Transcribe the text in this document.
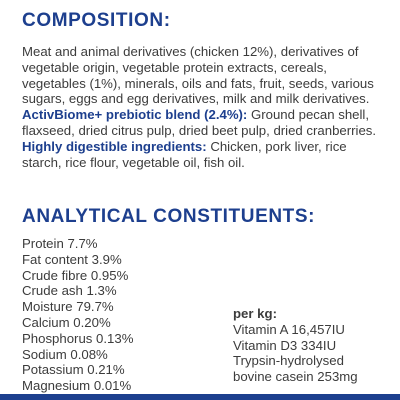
COMPOSITION:

Meat and animal derivatives (chicken 12%), derivatives of vegetable origin, vegetable protein extracts, cereals, vegetables (1%), minerals, oils and fats, fruit, seeds, various sugars, eggs and egg derivatives, milk and milk derivatives. ActivBiome+ prebiotic blend (2.4%): Ground pecan shell, flaxseed, dried citrus pulp, dried beet pulp, dried cranberries. Highly digestible ingredients: Chicken, pork liver, rice starch, rice flour, vegetable oil, fish oil.

ANALYTICAL CONSTITUENTS:
Protein 7.7%
Fat content 3.9%
Crude fibre 0.95%
Crude ash 1.3%
Moisture 79.7%
Calcium 0.20%
Phosphorus 0.13%
Sodium 0.08%
Potassium 0.21%
Magnesium 0.01%
per kg:
Vitamin A 16,457IU
Vitamin D3 334IU
Trypsin-hydrolysed
bovine casein 253mg
